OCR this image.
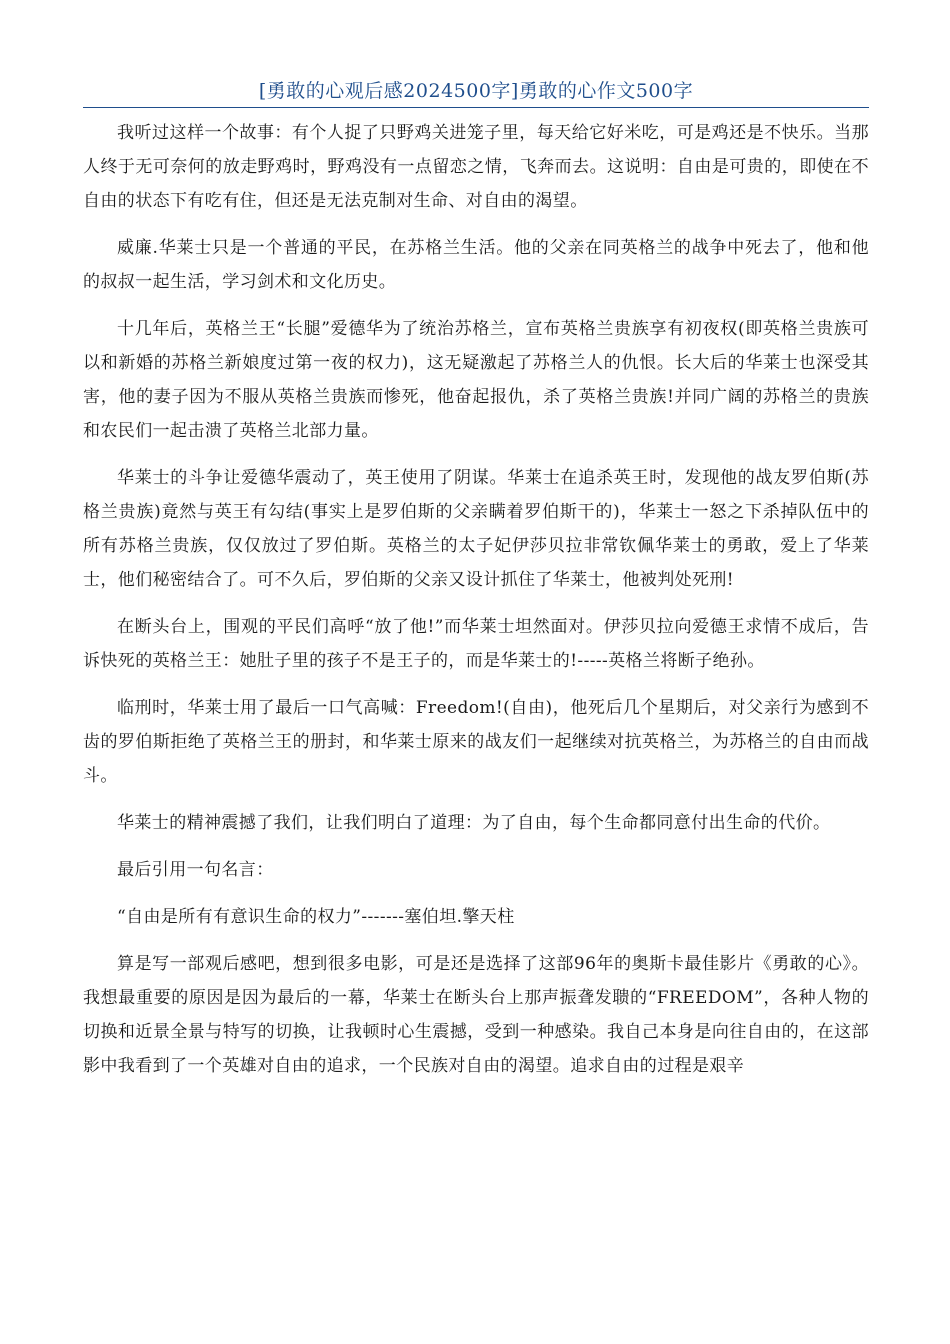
[勇敢的心观后感2024500字]勇敢的心作文500字

我听过这样一个故事：有个人捉了只野鸡关进笼子里，每天给它好米吃，可是鸡还是不快乐。当那人终于无可奈何的放走野鸡时，野鸡没有一点留恋之情，飞奔而去。这说明：自由是可贵的，即使在不自由的状态下有吃有住，但还是无法克制对生命、对自由的渴望。

威廉.华莱士只是一个普通的平民，在苏格兰生活。他的父亲在同英格兰的战争中死去了，他和他的叔叔一起生活，学习剑术和文化历史。

十几年后，英格兰王“长腿”爱德华为了统治苏格兰，宣布英格兰贵族享有初夜权(即英格兰贵族可以和新婚的苏格兰新娘度过第一夜的权力)，这无疑激起了苏格兰人的仇恨。长大后的华莱士也深受其害，他的妻子因为不服从英格兰贵族而惨死，他奋起报仇，杀了英格兰贵族!并同广阔的苏格兰的贵族和农民们一起击溃了英格兰北部力量。

华莱士的斗争让爱德华震动了，英王使用了阴谋。华莱士在追杀英王时，发现他的战友罗伯斯(苏格兰贵族)竟然与英王有勾结(事实上是罗伯斯的父亲瞒着罗伯斯干的)，华莱士一怒之下杀掉队伍中的所有苏格兰贵族，仅仅放过了罗伯斯。英格兰的太子妃伊莎贝拉非常钦佩华莱士的勇敢，爱上了华莱士，他们秘密结合了。可不久后，罗伯斯的父亲又设计抓住了华莱士，他被判处死刑!

在断头台上，围观的平民们高呼“放了他!”而华莱士坦然面对。伊莎贝拉向爱德王求情不成后，告诉快死的英格兰王：她肚子里的孩子不是王子的，而是华莱士的!-----英格兰将断子绝孙。

临刑时，华莱士用了最后一口气高喊：Freedom!(自由)，他死后几个星期后，对父亲行为感到不齿的罗伯斯拒绝了英格兰王的册封，和华莱士原来的战友们一起继续对抗英格兰，为苏格兰的自由而战斗。

华莱士的精神震撼了我们，让我们明白了道理：为了自由，每个生命都同意付出生命的代价。

最后引用一句名言：

“自由是所有有意识生命的权力”-------塞伯坦.擎天柱

算是写一部观后感吧，想到很多电影，可是还是选择了这部96年的奥斯卡最佳影片《勇敢的心》。我想最重要的原因是因为最后的一幕，华莱士在断头台上那声振聋发聩的“FREEDOM”，各种人物的切换和近景全景与特写的切换，让我顿时心生震撼，受到一种感染。我自己本身是向往自由的，在这部影中我看到了一个英雄对自由的追求，一个民族对自由的渴望。追求自由的过程是艰辛
